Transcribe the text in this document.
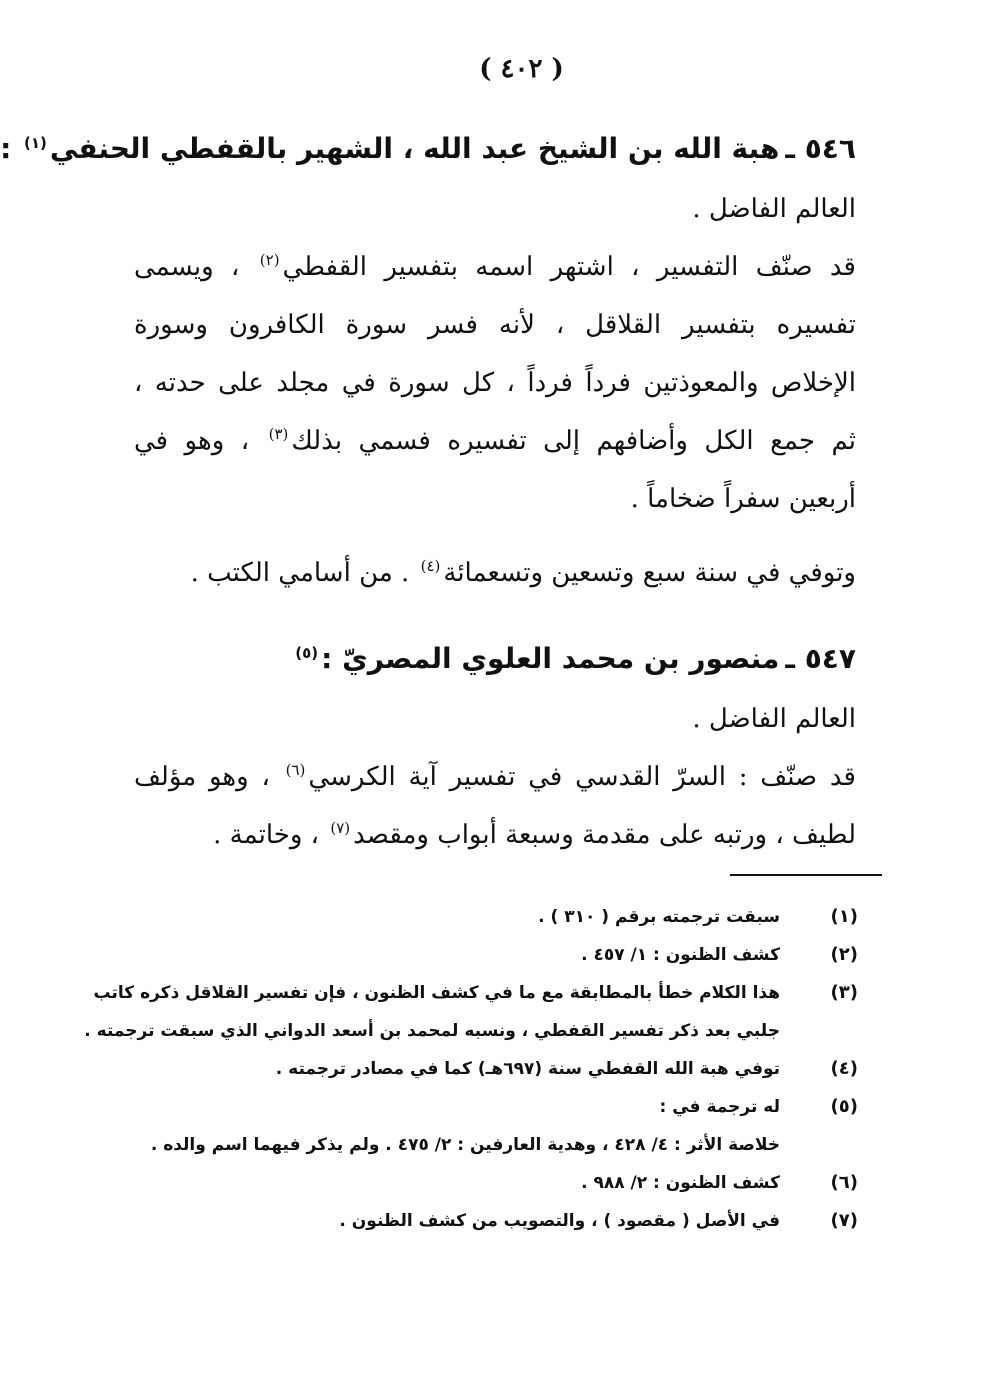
( ٤٠٢ )
٥٤٦ ـهبة الله بن الشيخ عبد الله ، الشهير بالقفطي الحنفي$^{(١)}$ :
العالم الفاضل .
قد صنّف التفسير ، اشتهر اسمه بتفسير القفطي$^{(٢)}$ ، ويسمى
تفسيره بتفسير القلاقل ، لأنه فسر سورة الكافرون وسورة
الإخلاص والمعوذتين فرداً فرداً ، كل سورة في مجلد على حدته ،
ثم جمع الكل وأضافهم إلى تفسيره فسمي بذلك$^{(٣)}$ ، وهو في
أربعين سفراً ضخاماً .
وتوفي في سنة سبع وتسعين وتسعمائة$^{(٤)}$ . من أسامي الكتب .
٥٤٧ ـمنصور بن محمد العلوي المصريّ :$^{(٥)}$
العالم الفاضل .
قد صنّف : السرّ القدسي في تفسير آية الكرسي$^{(٦)}$ ، وهو مؤلف
لطيف ، ورتبه على مقدمة وسبعة أبواب ومقصد$^{(٧)}$ ، وخاتمة .
(١)
سبقت ترجمته برقم ( ٣١٠ ) .
(٢)
كشف الظنون : ١/ ٤٥٧ .
(٣)
هذا الكلام خطأ بالمطابقة مع ما في كشف الظنون ، فإن تفسير القلاقل ذكره كاتب
جلبي بعد ذكر تفسير القفطي ، ونسبه لمحمد بن أسعد الدواني الذي سبقت ترجمته .
(٤)
توفي هبة الله القفطي سنة (٦٩٧هـ) كما في مصادر ترجمته .
(٥)
له ترجمة في :
خلاصة الأثر : ٤/ ٤٢٨ ، وهدية العارفين : ٢/ ٤٧٥ . ولم يذكر فيهما اسم والده .
(٦)
كشف الظنون : ٢/ ٩٨٨ .
(٧)
في الأصل ( مقصود ) ، والتصويب من كشف الظنون .
